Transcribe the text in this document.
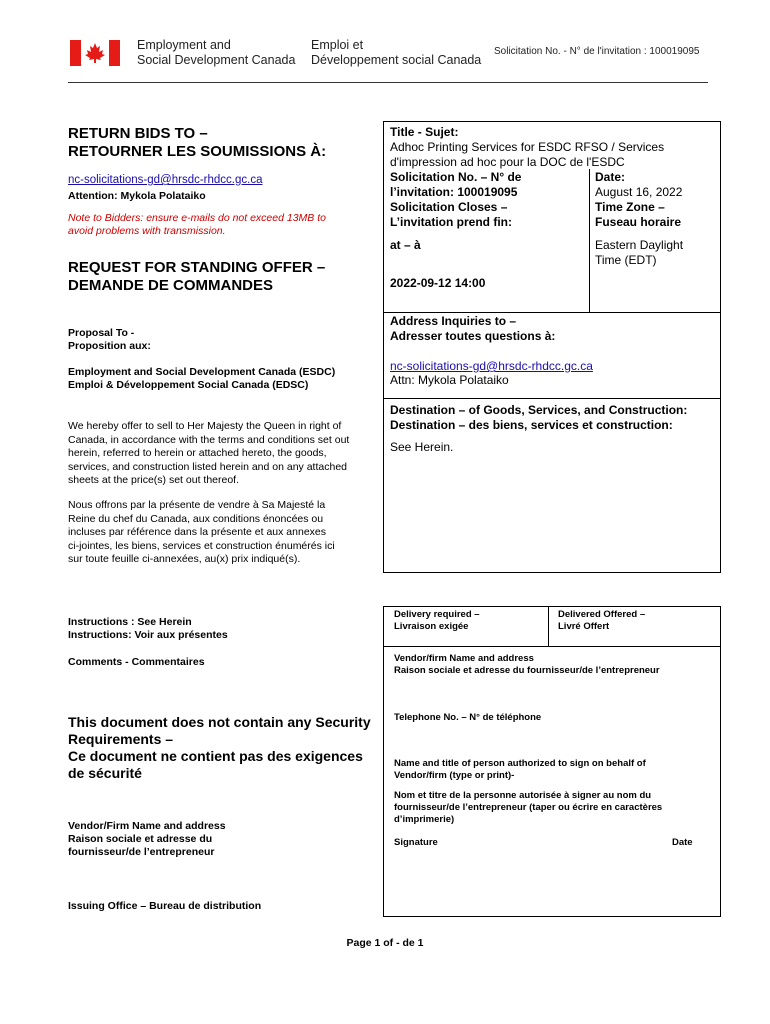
Employment and
Social Development Canada
Emploi et
Développement social Canada
Solicitation No. - N° de l'invitation : 100019095
RETURN BIDS TO –
RETOURNER LES SOUMISSIONS À:
nc-solicitations-gd@hrsdc-rhdcc.gc.ca
Attention: Mykola Polataiko
Note to Bidders: ensure e-mails do not exceed 13MB to
avoid problems with transmission.
REQUEST FOR STANDING OFFER –
DEMANDE DE COMMANDES
Proposal To -
Proposition aux:
Employment and Social Development Canada (ESDC)
Emploi & Développement Social Canada (EDSC)
We hereby offer to sell to Her Majesty the Queen in right of
Canada, in accordance with the terms and conditions set out
herein, referred to herein or attached hereto, the goods,
services, and construction listed herein and on any attached
sheets at the price(s) set out thereof.
Nous offrons par la présente de vendre à Sa Majesté la
Reine du chef du Canada, aux conditions énoncées ou
incluses par référence dans la présente et aux annexes
ci-jointes, les biens, services et construction énumérés ici
sur toute feuille ci-annexées, au(x) prix indiqué(s).
Instructions : See Herein
Instructions: Voir aux présentes
Comments - Commentaires
This document does not contain any Security
Requirements –
Ce document ne contient pas des exigences
de sécurité
Vendor/Firm Name and address
Raison sociale et adresse du
fournisseur/de l’entrepreneur
Issuing Office – Bureau de distribution
Title - Sujet:
Adhoc Printing Services for ESDC RFSO / Services
d'impression ad hoc pour la DOC de l'ESDC
Solicitation No. – N° de
l’invitation: 100019095
Date:
August 16, 2022
Solicitation Closes –
L’invitation prend fin:
Time Zone –
Fuseau horaire
at – à	Eastern Daylight
Time (EDT)
2022-09-12 14:00
Address Inquiries to –
Adresser toutes questions à:
nc-solicitations-gd@hrsdc-rhdcc.gc.ca
Attn: Mykola Polataiko
Destination – of Goods, Services, and Construction:
Destination – des biens, services et construction:
See Herein.
Delivery required –
Livraison exigée
Delivered Offered –
Livré Offert
Vendor/firm Name and address
Raison sociale et adresse du fournisseur/de l’entrepreneur
Telephone No. – N° de téléphone
Name and title of person authorized to sign on behalf of
Vendor/firm (type or print)-
Nom et titre de la personne autorisée à signer au nom du
fournisseur/de l’entrepreneur (taper ou écrire en caractères
d’imprimerie)
Signature	Date
Page 1 of - de 1
